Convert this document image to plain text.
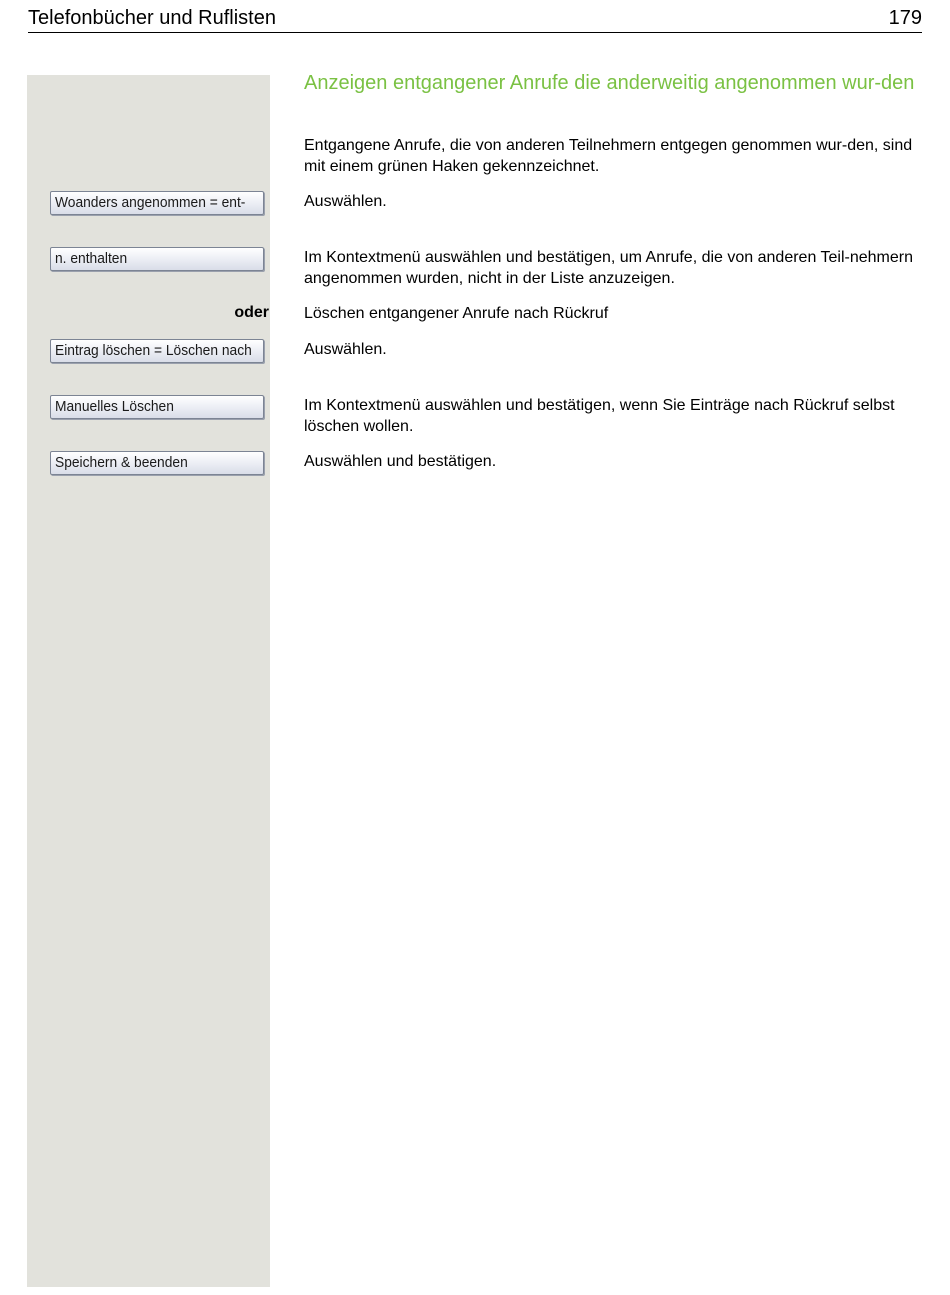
Telefonbücher und Ruflisten	179
Woanders angenommen = ent-
n. enthalten
oder
Eintrag löschen = Löschen nach
Manuelles Löschen
Speichern & beenden
Anzeigen entgangener Anrufe die anderweitig angenommen wur-den
Entgangene Anrufe, die von anderen Teilnehmern entgegen genommen wur-den, sind mit einem grünen Haken gekennzeichnet.
Auswählen.
Im Kontextmenü auswählen und bestätigen, um Anrufe, die von anderen Teil-nehmern angenommen wurden, nicht in der Liste anzuzeigen.
Löschen entgangener Anrufe nach Rückruf
Auswählen.
Im Kontextmenü auswählen und bestätigen, wenn Sie Einträge nach Rückruf selbst löschen wollen.
Auswählen und bestätigen.
